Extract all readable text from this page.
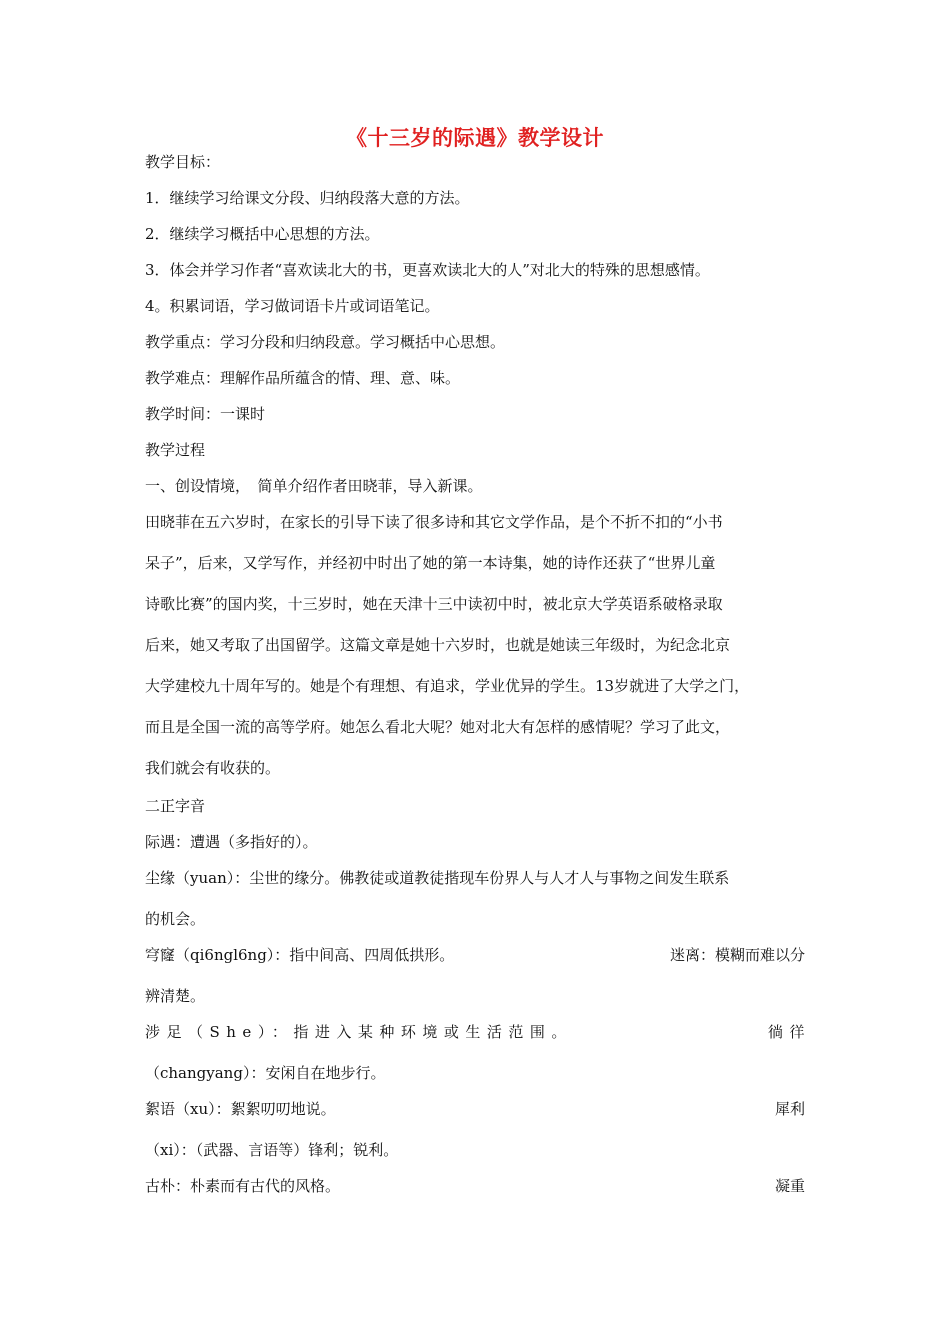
《十三岁的际遇》教学设计
教学目标：
1．继续学习给课文分段、归纳段落大意的方法。
2．继续学习概括中心思想的方法。
3．体会并学习作者“喜欢读北大的书，更喜欢读北大的人”对北大的特殊的思想感情。
4。积累词语，学习做词语卡片或词语笔记。
教学重点：学习分段和归纳段意。学习概括中心思想。
教学难点：理解作品所蕴含的情、理、意、味。
教学时间：一课时
教学过程
一、创设情境，　简单介绍作者田晓菲，导入新课。
田晓菲在五六岁时，在家长的引导下读了很多诗和其它文学作品，是个不折不扣的“小书
呆子”，后来，又学写作，并经初中时出了她的第一本诗集，她的诗作还获了“世界儿童
诗歌比赛”的国内奖，十三岁时，她在天津十三中读初中时，被北京大学英语系破格录取
后来，她又考取了出国留学。这篇文章是她十六岁时，也就是她读三年级时，为纪念北京
大学建校九十周年写的。她是个有理想、有追求，学业优异的学生。13岁就进了大学之门，
而且是全国一流的高等学府。她怎么看北大呢？她对北大有怎样的感情呢？学习了此文，
我们就会有收获的。
二正字音
际遇：遭遇（多指好的）。
尘缘（yuan）：尘世的缘分。佛教徒或道教徒揩现车份界人与人才人与事物之间发生联系
的机会。
穹窿（qi6ngl6ng）：指中间高、四周低拱形。	迷离：模糊而难以分
辨清楚。
涉足（She）：指进入某种环境或生活范围。	徜徉
（changyang）：安闲自在地步行。
絮语（xu）：絮絮叨叨地说。	犀利
（xi）：（武器、言语等）锋利；锐利。
古朴：朴素而有古代的风格。	凝重
